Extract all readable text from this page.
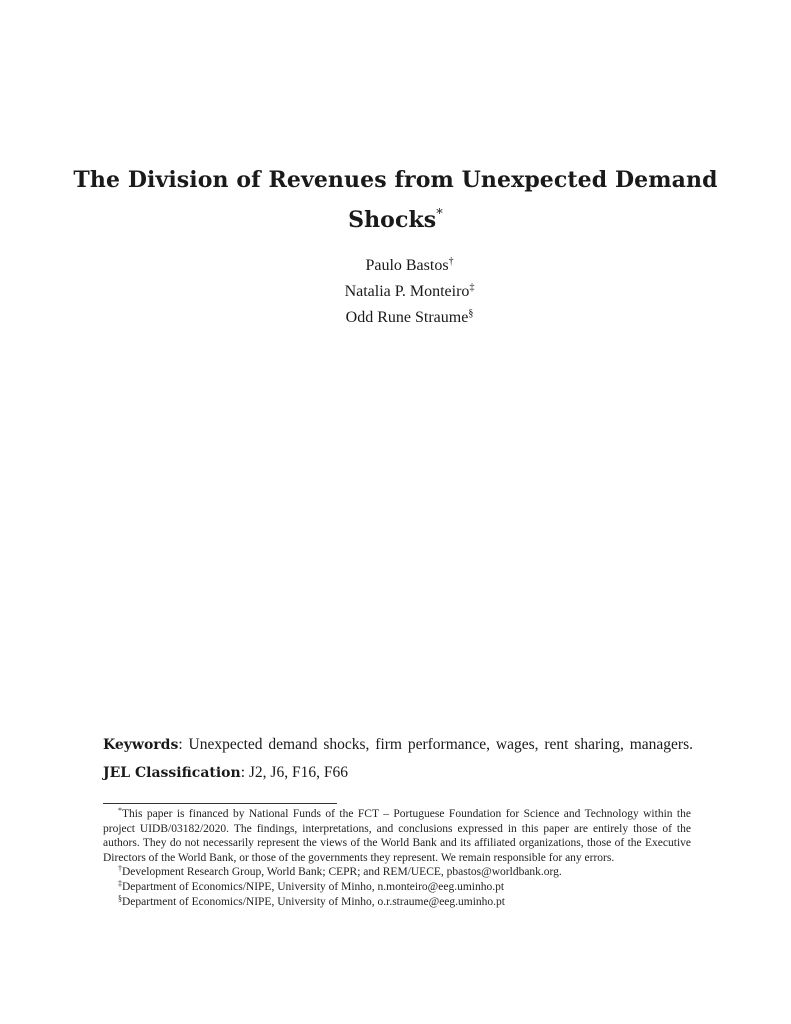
The Division of Revenues from Unexpected Demand Shocks*
Paulo Bastos†
Natalia P. Monteiro‡
Odd Rune Straume§
Keywords: Unexpected demand shocks, firm performance, wages, rent sharing, managers. JEL Classification: J2, J6, F16, F66

*This paper is financed by National Funds of the FCT – Portuguese Foundation for Science and Technology within the project UIDB/03182/2020. The findings, interpretations, and conclusions expressed in this paper are entirely those of the authors. They do not necessarily represent the views of the World Bank and its affiliated organizations, those of the Executive Directors of the World Bank, or those of the governments they represent. We remain responsible for any errors.

†Development Research Group, World Bank; CEPR; and REM/UECE, pbastos@worldbank.org.

‡Department of Economics/NIPE, University of Minho, n.monteiro@eeg.uminho.pt

§Department of Economics/NIPE, University of Minho, o.r.straume@eeg.uminho.pt
